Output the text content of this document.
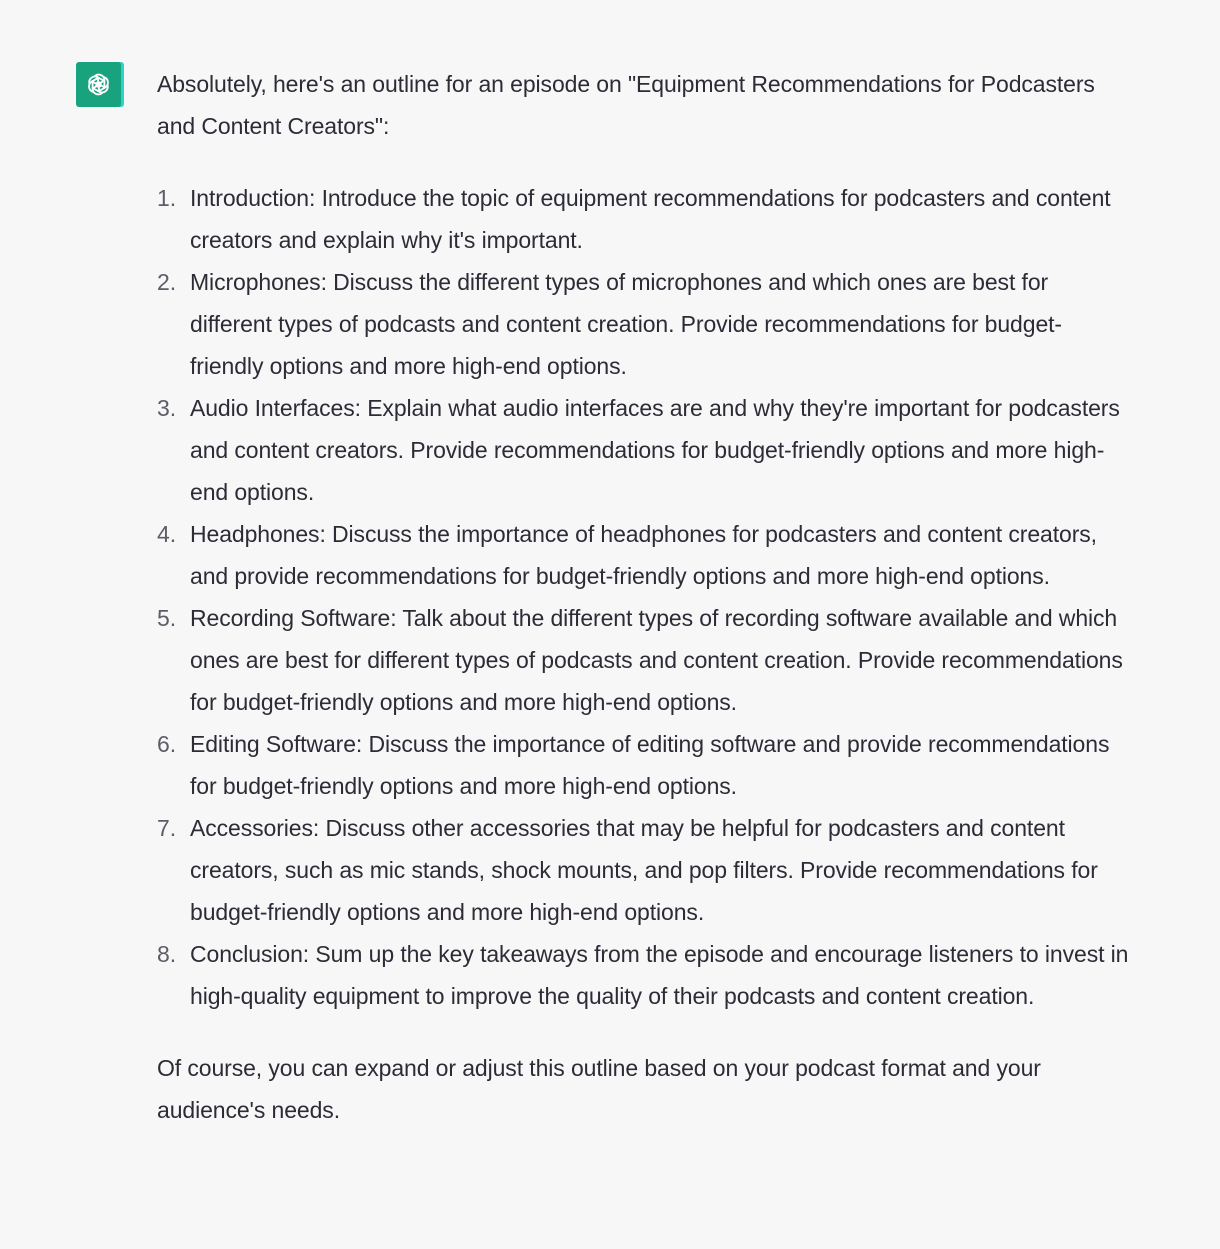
Absolutely, here's an outline for an episode on "Equipment Recommendations for Podcasters and Content Creators":

1. Introduction: Introduce the topic of equipment recommendations for podcasters and content creators and explain why it's important.
2. Microphones: Discuss the different types of microphones and which ones are best for different types of podcasts and content creation. Provide recommendations for budget-friendly options and more high-end options.
3. Audio Interfaces: Explain what audio interfaces are and why they're important for podcasters and content creators. Provide recommendations for budget-friendly options and more high-end options.
4. Headphones: Discuss the importance of headphones for podcasters and content creators, and provide recommendations for budget-friendly options and more high-end options.
5. Recording Software: Talk about the different types of recording software available and which ones are best for different types of podcasts and content creation. Provide recommendations for budget-friendly options and more high-end options.
6. Editing Software: Discuss the importance of editing software and provide recommendations for budget-friendly options and more high-end options.
7. Accessories: Discuss other accessories that may be helpful for podcasters and content creators, such as mic stands, shock mounts, and pop filters. Provide recommendations for budget-friendly options and more high-end options.
8. Conclusion: Sum up the key takeaways from the episode and encourage listeners to invest in high-quality equipment to improve the quality of their podcasts and content creation.

Of course, you can expand or adjust this outline based on your podcast format and your audience's needs.
